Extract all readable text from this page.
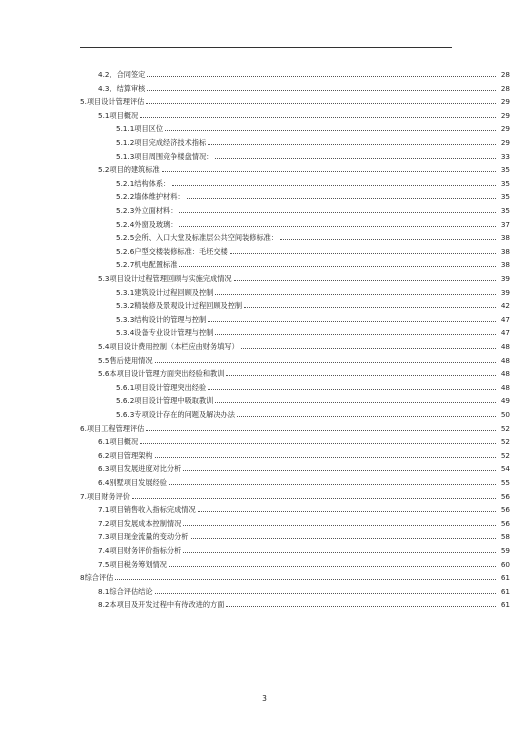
4.2．合同签定	28
4.3．结算审核	28
5.项目设计管理评估	29
5.1项目概况	29
5.1.1项目区位	29
5.1.2项目完成经济技术指标	29
5.1.3项目周围竞争楼盘情况：	33
5.2项目的建筑标准	35
5.2.1结构体系：	35
5.2.2墙体维护材料：	35
5.2.3外立面材料：	35
5.2.4外窗及玻璃：	37
5.2.5会所、入口大堂及标准层公共空间装修标准：	38
5.2.6户型交楼装修标准：毛坯交楼	38
5.2.7机电配置标准	38
5.3项目设计过程管理回顾与实施完成情况	39
5.3.1建筑设计过程回顾及控制	39
5.3.2精装修及景观设计过程回顾及控制	42
5.3.3结构设计的管理与控制	47
5.3.4设备专业设计管理与控制	47
5.4项目设计费用控制（本栏应由财务填写）	48
5.5售后使用情况	48
5.6本项目设计管理方面突出经验和教训	48
5.6.1项目设计管理突出经验	48
5.6.2项目设计管理中吸取教训	49
5.6.3专项设计存在的问题及解决办法	50
6.项目工程管理评估	52
6.1项目概况	52
6.2项目管理架构	52
6.3项目发展进度对比分析	54
6.4别墅项目发展经验	55
7.项目财务评价	56
7.1项目销售收入指标完成情况	56
7.2项目发展成本控制情况	56
7.3项目现金流量的变动分析	58
7.4项目财务评价指标分析	59
7.5项目税务筹划情况	60
8综合评估	61
8.1综合评估结论	61
8.2本项目及开发过程中有待改进的方面	61
3
